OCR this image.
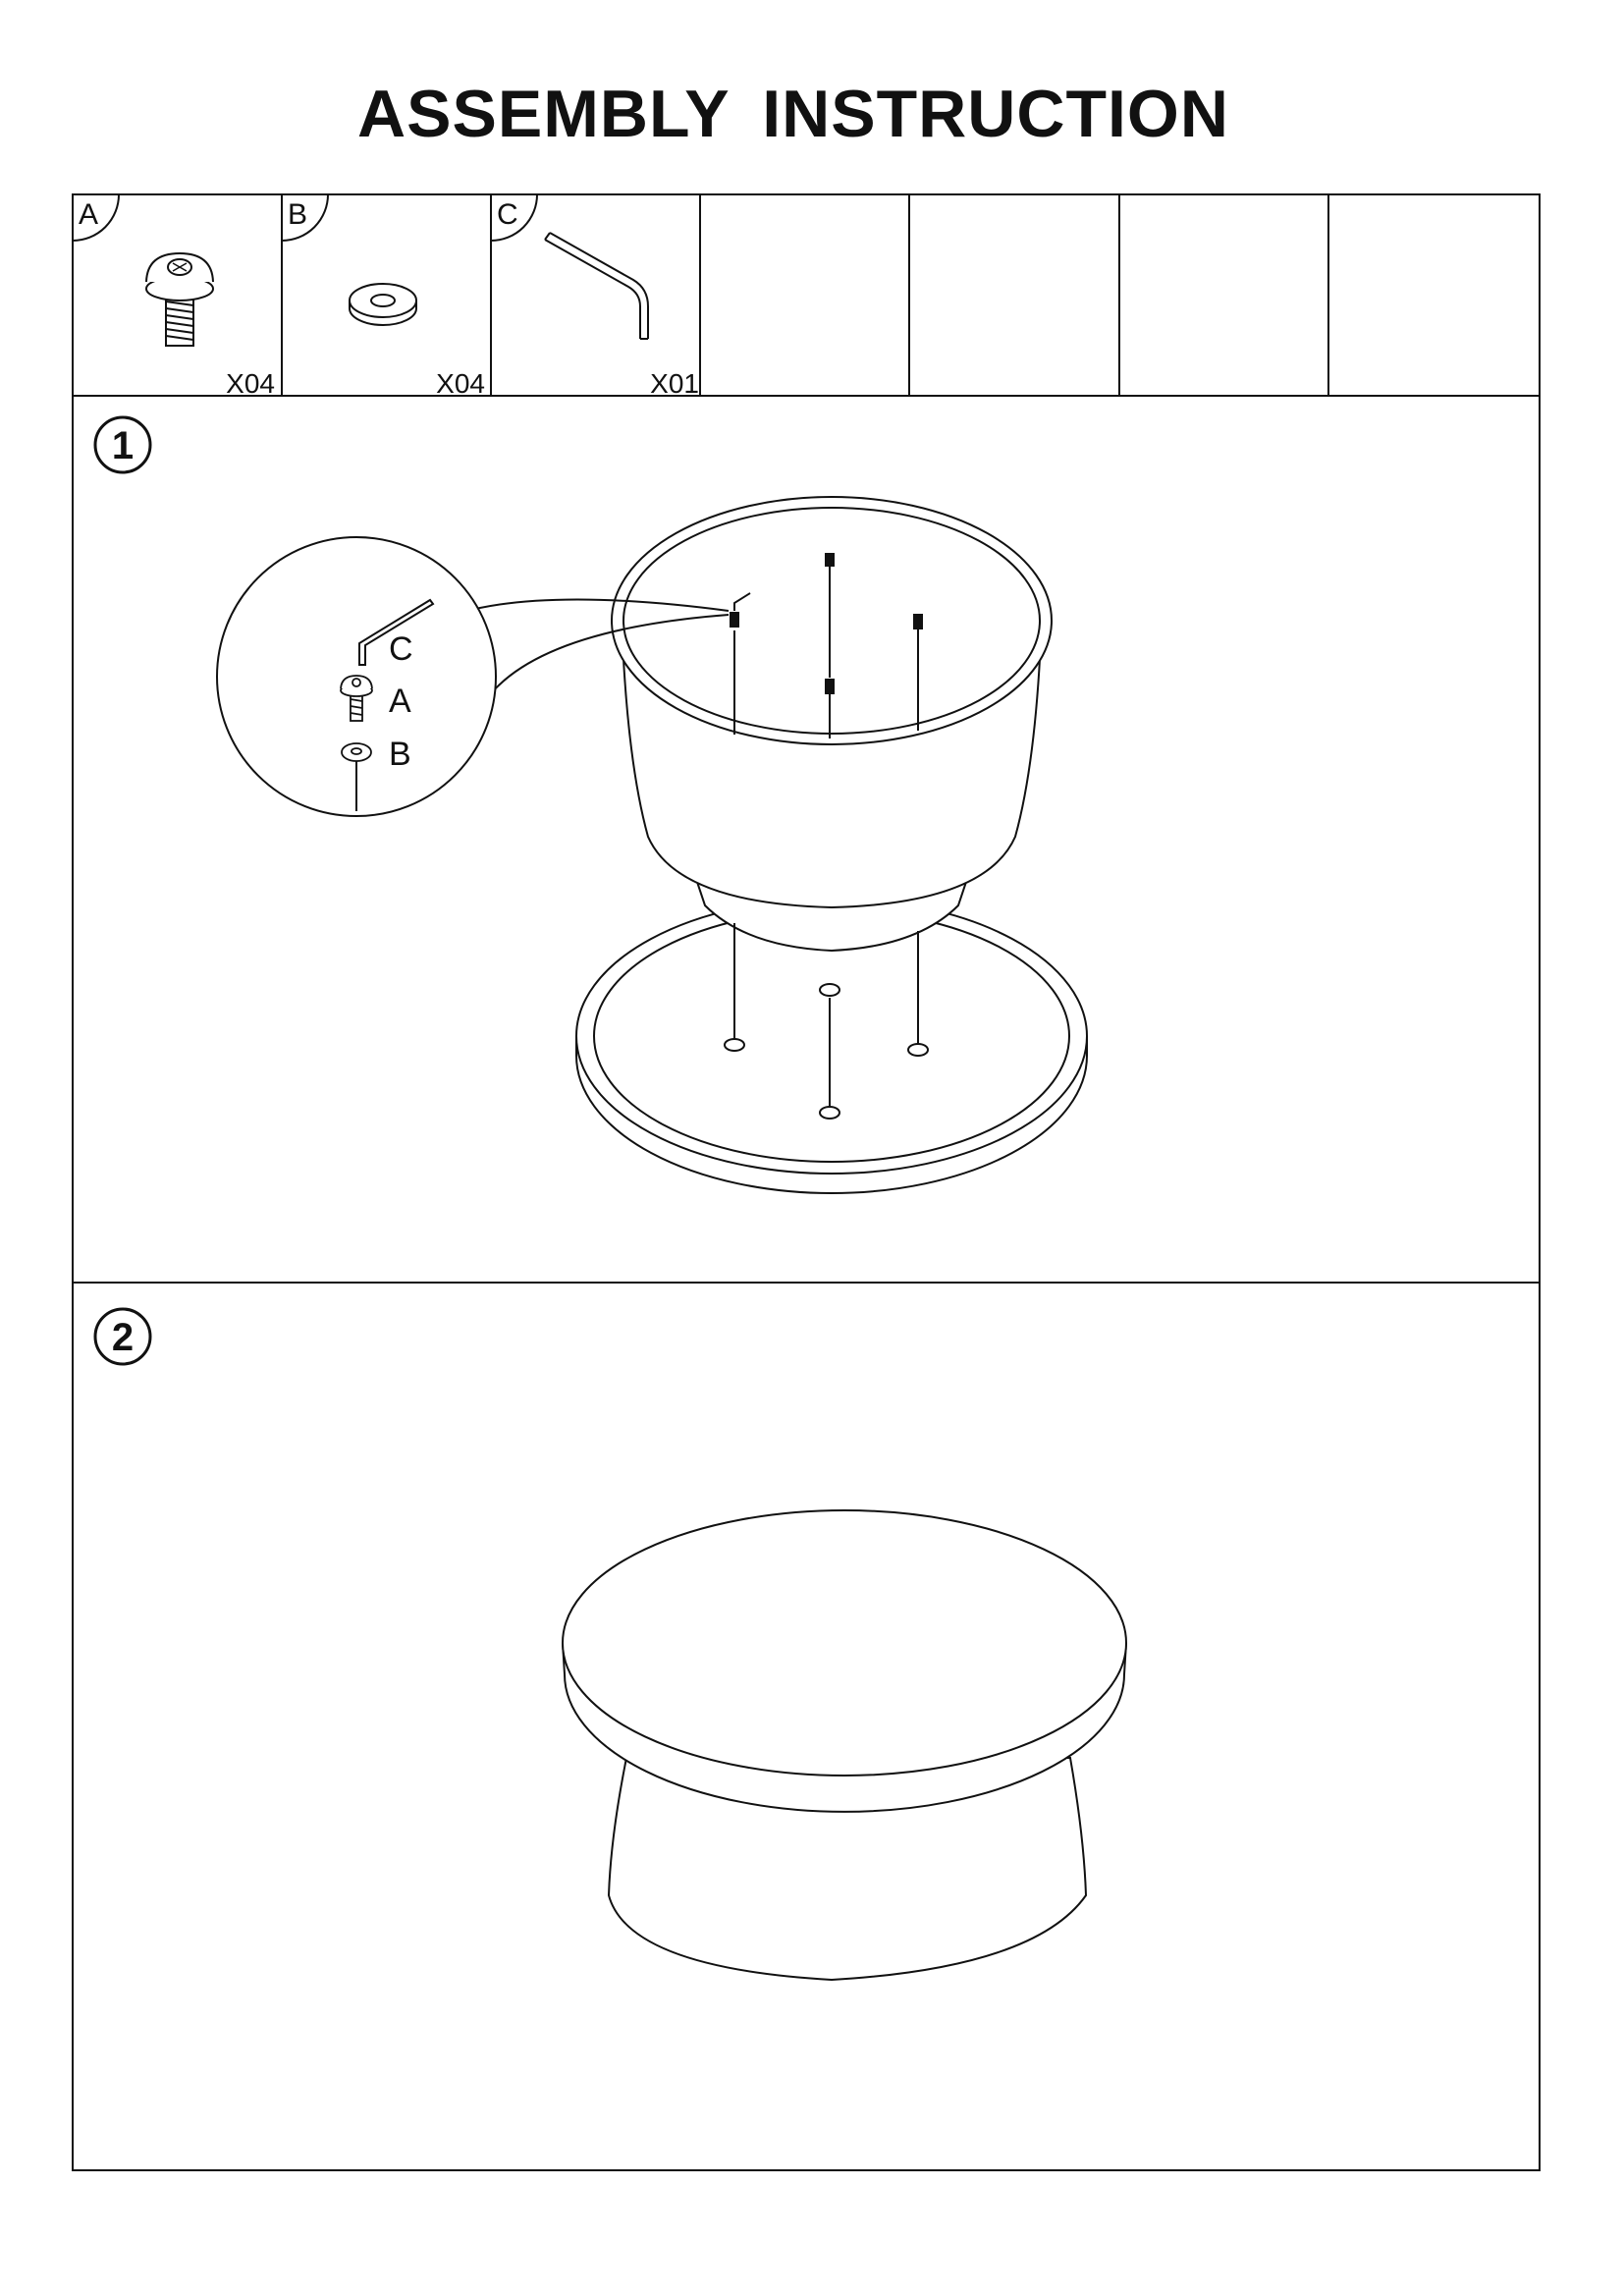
ASSEMBLY INSTRUCTION
A
X04
B
X04
C
X01
1
C
A
B
2
